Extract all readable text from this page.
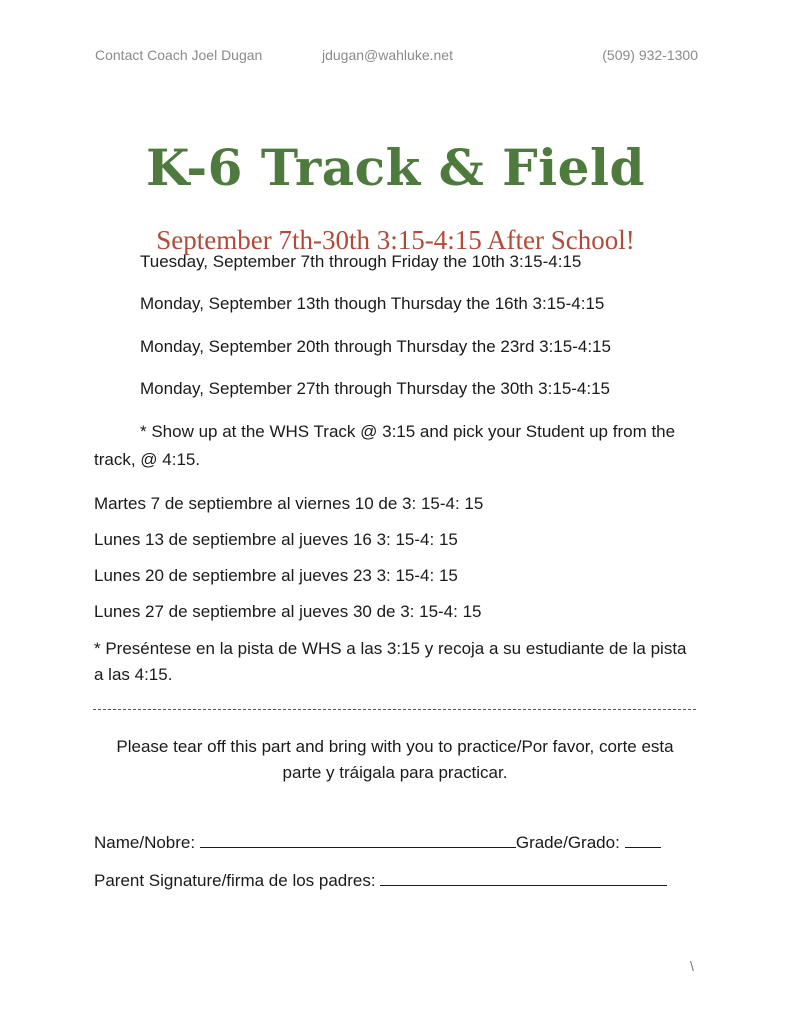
Contact Coach Joel Dugan	jdugan@wahluke.net	(509) 932-1300
K-6 Track & Field
September 7th-30th 3:15-4:15 After School!
Tuesday, September 7th through Friday the 10th 3:15-4:15
Monday, September 13th though Thursday the 16th 3:15-4:15
Monday, September 20th through Thursday the 23rd 3:15-4:15
Monday, September 27th through Thursday the 30th 3:15-4:15
* Show up at the WHS Track @ 3:15 and pick your Student up from the track, @ 4:15.
Martes 7 de septiembre al viernes 10 de 3: 15-4: 15
Lunes 13 de septiembre al jueves 16 3: 15-4: 15
Lunes 20 de septiembre al jueves 23 3: 15-4: 15
Lunes 27 de septiembre al jueves 30 de 3: 15-4: 15
* Preséntese en la pista de WHS a las 3:15 y recoja a su estudiante de la pista a las 4:15.
Please tear off this part and bring with you to practice/Por favor, corte esta parte y tráigala para practicar.
Name/Nobre:	Grade/Grado:
Parent Signature/firma de los padres:
\
